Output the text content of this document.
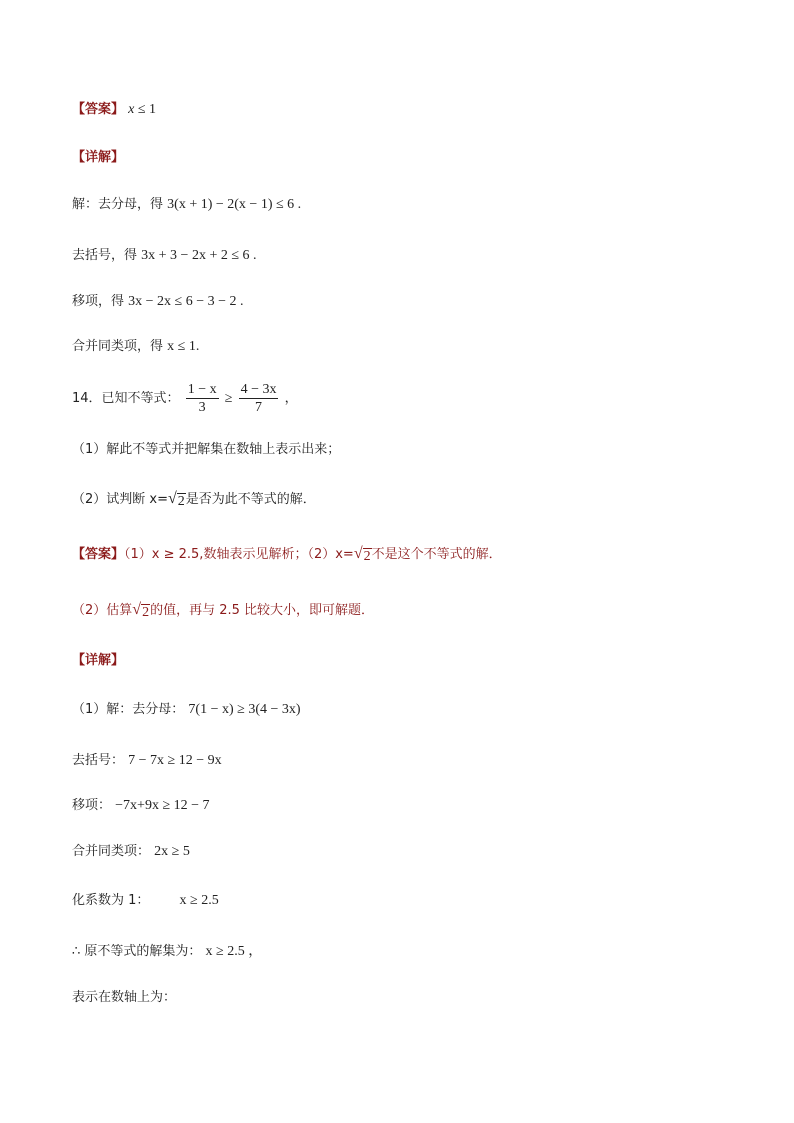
【答案】 x ≤ 1
【详解】
解：去分母，得 3(x + 1) − 2(x − 1) ≤ 6 .
去括号，得 3x + 3 − 2x + 2 ≤ 6 .
移项，得 3x − 2x ≤ 6 − 3 − 2 .
合并同类项，得 x ≤ 1.
14．已知不等式： $\frac{1 - x}{3} \ge \frac{4 - 3x}{7}$ ，
（1）解此不等式并把解集在数轴上表示出来；
（2）试判断 x= √ 2 是否为此不等式的解．
【答案】（1）x ≥ 2.5,数轴表示见解析；（2）x= √ 2 不是这个不等式的解．
（2）估算 √ 2 的值，再与 2.5 比较大小，即可解题．
【详解】
（1）解：去分母： 7(1 − x) ≥ 3(4 − 3x)
去括号： 7 − 7x ≥ 12 − 9x
移项： −7x+9x ≥ 12 − 7
合并同类项： 2x ≥ 5
化系数为 1： x ≥ 2.5
∴ 原不等式的解集为： x ≥ 2.5 ，
表示在数轴上为：
